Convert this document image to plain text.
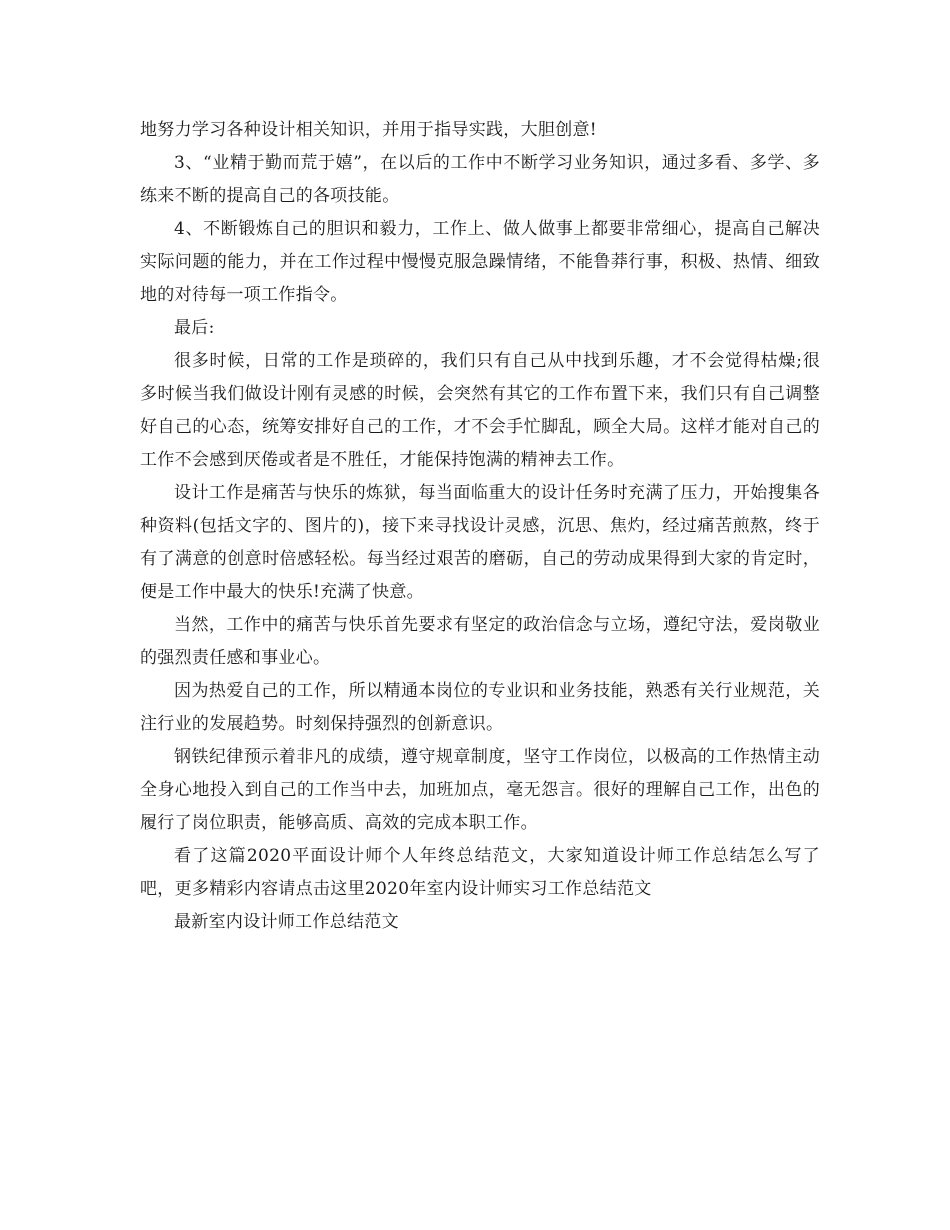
地努力学习各种设计相关知识，并用于指导实践，大胆创意!

3、“业精于勤而荒于嬉”，在以后的工作中不断学习业务知识，通过多看、多学、多练来不断的提高自己的各项技能。

4、不断锻炼自己的胆识和毅力，工作上、做人做事上都要非常细心，提高自己解决实际问题的能力，并在工作过程中慢慢克服急躁情绪，不能鲁莽行事，积极、热情、细致地的对待每一项工作指令。

最后:

很多时候，日常的工作是琐碎的，我们只有自己从中找到乐趣，才不会觉得枯燥;很多时候当我们做设计刚有灵感的时候，会突然有其它的工作布置下来，我们只有自己调整好自己的心态，统筹安排好自己的工作，才不会手忙脚乱，顾全大局。这样才能对自己的工作不会感到厌倦或者是不胜任，才能保持饱满的精神去工作。

设计工作是痛苦与快乐的炼狱，每当面临重大的设计任务时充满了压力，开始搜集各种资料(包括文字的、图片的)，接下来寻找设计灵感，沉思、焦灼，经过痛苦煎熬，终于有了满意的创意时倍感轻松。每当经过艰苦的磨砺，自己的劳动成果得到大家的肯定时，便是工作中最大的快乐!充满了快意。

当然，工作中的痛苦与快乐首先要求有坚定的政治信念与立场，遵纪守法，爱岗敬业的强烈责任感和事业心。

因为热爱自己的工作，所以精通本岗位的专业识和业务技能，熟悉有关行业规范，关注行业的发展趋势。时刻保持强烈的创新意识。

钢铁纪律预示着非凡的成绩，遵守规章制度，坚守工作岗位，以极高的工作热情主动全身心地投入到自己的工作当中去，加班加点，毫无怨言。很好的理解自己工作，出色的履行了岗位职责，能够高质、高效的完成本职工作。

看了这篇2020平面设计师个人年终总结范文，大家知道设计师工作总结怎么写了吧，更多精彩内容请点击这里2020年室内设计师实习工作总结范文

最新室内设计师工作总结范文
